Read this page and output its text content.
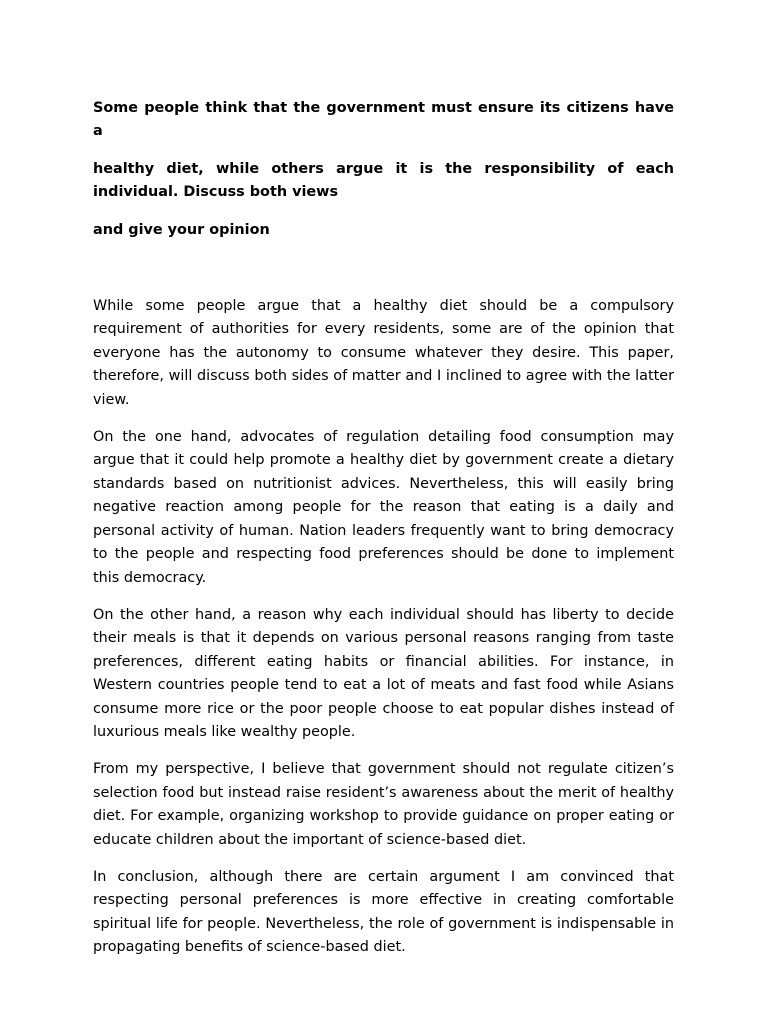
Some people think that the government must ensure its citizens have a

healthy diet, while others argue it is the responsibility of each individual. Discuss both views

and give your opinion

While some people argue that a healthy diet should be a compulsory requirement of authorities for every residents, some are of the opinion that everyone has the autonomy to consume whatever they desire. This paper, therefore, will discuss both sides of matter and I inclined to agree with the latter view.

On the one hand, advocates of regulation detailing food consumption may argue that it could help promote a healthy diet by government create a dietary standards based on nutritionist advices. Nevertheless, this will easily bring negative reaction among people for the reason that eating is a daily and personal activity of human. Nation leaders frequently want to bring democracy to the people and respecting food preferences should be done to implement this democracy.

On the other hand, a reason why each individual should has liberty to decide their meals is that it depends on various personal reasons ranging from taste preferences, different eating habits or financial abilities. For instance, in Western countries people tend to eat a lot of meats and fast food while Asians consume more rice or the poor people choose to eat popular dishes instead of luxurious meals like wealthy people.

From my perspective, I believe that government should not regulate citizen’s selection food but instead raise resident’s awareness about the merit of healthy diet. For example, organizing workshop to provide guidance on proper eating or educate children about the important of science-based diet.

In conclusion, although there are certain argument I am convinced that respecting personal preferences is more effective in creating comfortable spiritual life for people. Nevertheless, the role of government is indispensable in propagating benefits of science-based diet.
